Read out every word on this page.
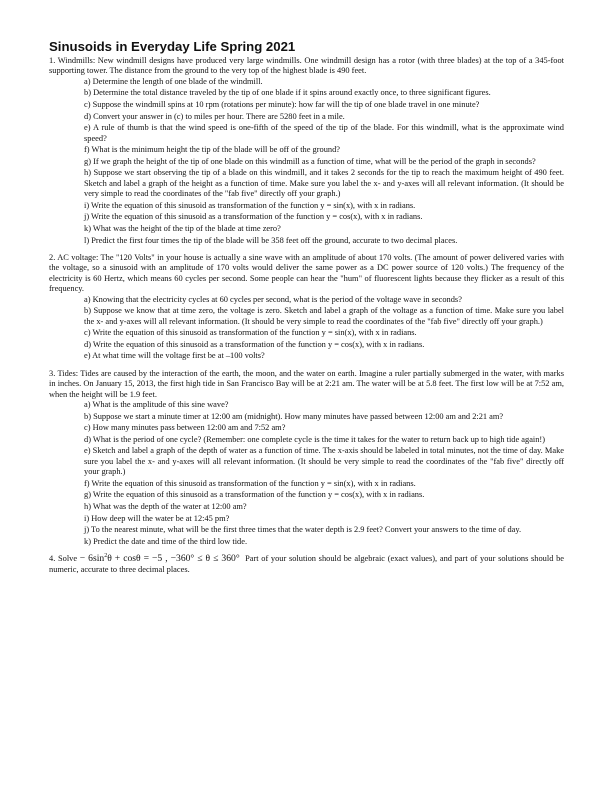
Sinusoids in Everyday Life Spring 2021

1. Windmills: New windmill designs have produced very large windmills. One windmill design has a rotor (with three blades) at the top of a 345-foot supporting tower. The distance from the ground to the very top of the highest blade is 490 feet.

a) Determine the length of one blade of the windmill.
b) Determine the total distance traveled by the tip of one blade if it spins around exactly once, to three significant figures.
c) Suppose the windmill spins at 10 rpm (rotations per minute): how far will the tip of one blade travel in one minute?
d) Convert your answer in (c) to miles per hour. There are 5280 feet in a mile.
e) A rule of thumb is that the wind speed is one-fifth of the speed of the tip of the blade. For this windmill, what is the approximate wind speed?
f) What is the minimum height the tip of the blade will be off of the ground?
g) If we graph the height of the tip of one blade on this windmill as a function of time, what will be the period of the graph in seconds?
h) Suppose we start observing the tip of a blade on this windmill, and it takes 2 seconds for the tip to reach the maximum height of 490 feet. Sketch and label a graph of the height as a function of time. Make sure you label the x- and y-axes will all relevant information. (It should be very simple to read the coordinates of the "fab five" directly off your graph.)
i) Write the equation of this sinusoid as transformation of the function y = sin(x), with x in radians.
j) Write the equation of this sinusoid as a transformation of the function y = cos(x), with x in radians.
k) What was the height of the tip of the blade at time zero?
l) Predict the first four times the tip of the blade will be 358 feet off the ground, accurate to two decimal places.

2. AC voltage: The "120 Volts" in your house is actually a sine wave with an amplitude of about 170 volts. (The amount of power delivered varies with the voltage, so a sinusoid with an amplitude of 170 volts would deliver the same power as a DC power source of 120 volts.) The frequency of the electricity is 60 Hertz, which means 60 cycles per second. Some people can hear the "hum" of fluorescent lights because they flicker as a result of this frequency.

a) Knowing that the electricity cycles at 60 cycles per second, what is the period of the voltage wave in seconds?
b) Suppose we know that at time zero, the voltage is zero. Sketch and label a graph of the voltage as a function of time. Make sure you label the x- and y-axes will all relevant information. (It should be very simple to read the coordinates of the "fab five" directly off your graph.)
c) Write the equation of this sinusoid as transformation of the function y = sin(x), with x in radians.
d) Write the equation of this sinusoid as a transformation of the function y = cos(x), with x in radians.
e) At what time will the voltage first be at –100 volts?

3. Tides: Tides are caused by the interaction of the earth, the moon, and the water on earth. Imagine a ruler partially submerged in the water, with marks in inches. On January 15, 2013, the first high tide in San Francisco Bay will be at 2:21 am. The water will be at 5.8 feet. The first low will be at 7:52 am, when the height will be 1.9 feet.

a) What is the amplitude of this sine wave?
b) Suppose we start a minute timer at 12:00 am (midnight). How many minutes have passed between 12:00 am and 2:21 am?
c) How many minutes pass between 12:00 am and 7:52 am?
d) What is the period of one cycle? (Remember: one complete cycle is the time it takes for the water to return back up to high tide again!)
e) Sketch and label a graph of the depth of water as a function of time. The x-axis should be labeled in total minutes, not the time of day. Make sure you label the x- and y-axes will all relevant information. (It should be very simple to read the coordinates of the "fab five" directly off your graph.)
f) Write the equation of this sinusoid as transformation of the function y = sin(x), with x in radians.
g) Write the equation of this sinusoid as a transformation of the function y = cos(x), with x in radians.
h) What was the depth of the water at 12:00 am?
i) How deep will the water be at 12:45 pm?
j) To the nearest minute, what will be the first three times that the water depth is 2.9 feet? Convert your answers to the time of day.
k) Predict the date and time of the third low tide.

4. Solve − $6\sin^2\theta + \cos\theta = -5$ , −360° ≤ θ ≤ 360° Part of your solution should be algebraic (exact values), and part of your solutions should be numeric, accurate to three decimal places.
